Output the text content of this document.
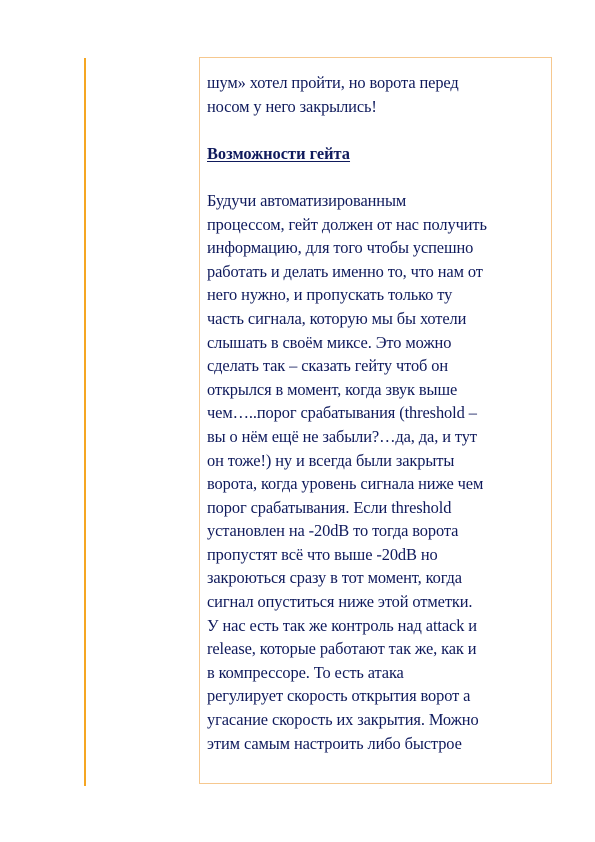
шум» хотел пройти, но ворота перед
носом у него закрылись!

Возможности гейта

Будучи автоматизированным
процессом, гейт должен от нас получить
информацию, для того чтобы успешно
работать и делать именно то, что нам от
него нужно, и пропускать только ту
часть сигнала, которую мы бы хотели
слышать в своём миксе. Это можно
сделать так – сказать гейту чтоб он
открылся в момент, когда звук выше
чем…..порог срабатывания (threshold –
вы о нём ещё не забыли?…да, да, и тут
он тоже!) ну и всегда были закрыты
ворота, когда уровень сигнала ниже чем
порог срабатывания. Если threshold
установлен на -20dB то тогда ворота
пропустят всё что выше -20dB но
закроються сразу в тот момент, когда
сигнал опуститься ниже этой отметки.
У нас есть так же контроль над attack и
release, которые работают так же, как и
в компрессоре. То есть атака
регулирует скорость открытия ворот а
угасание скорость их закрытия. Можно
этим самым настроить либо быстрое
